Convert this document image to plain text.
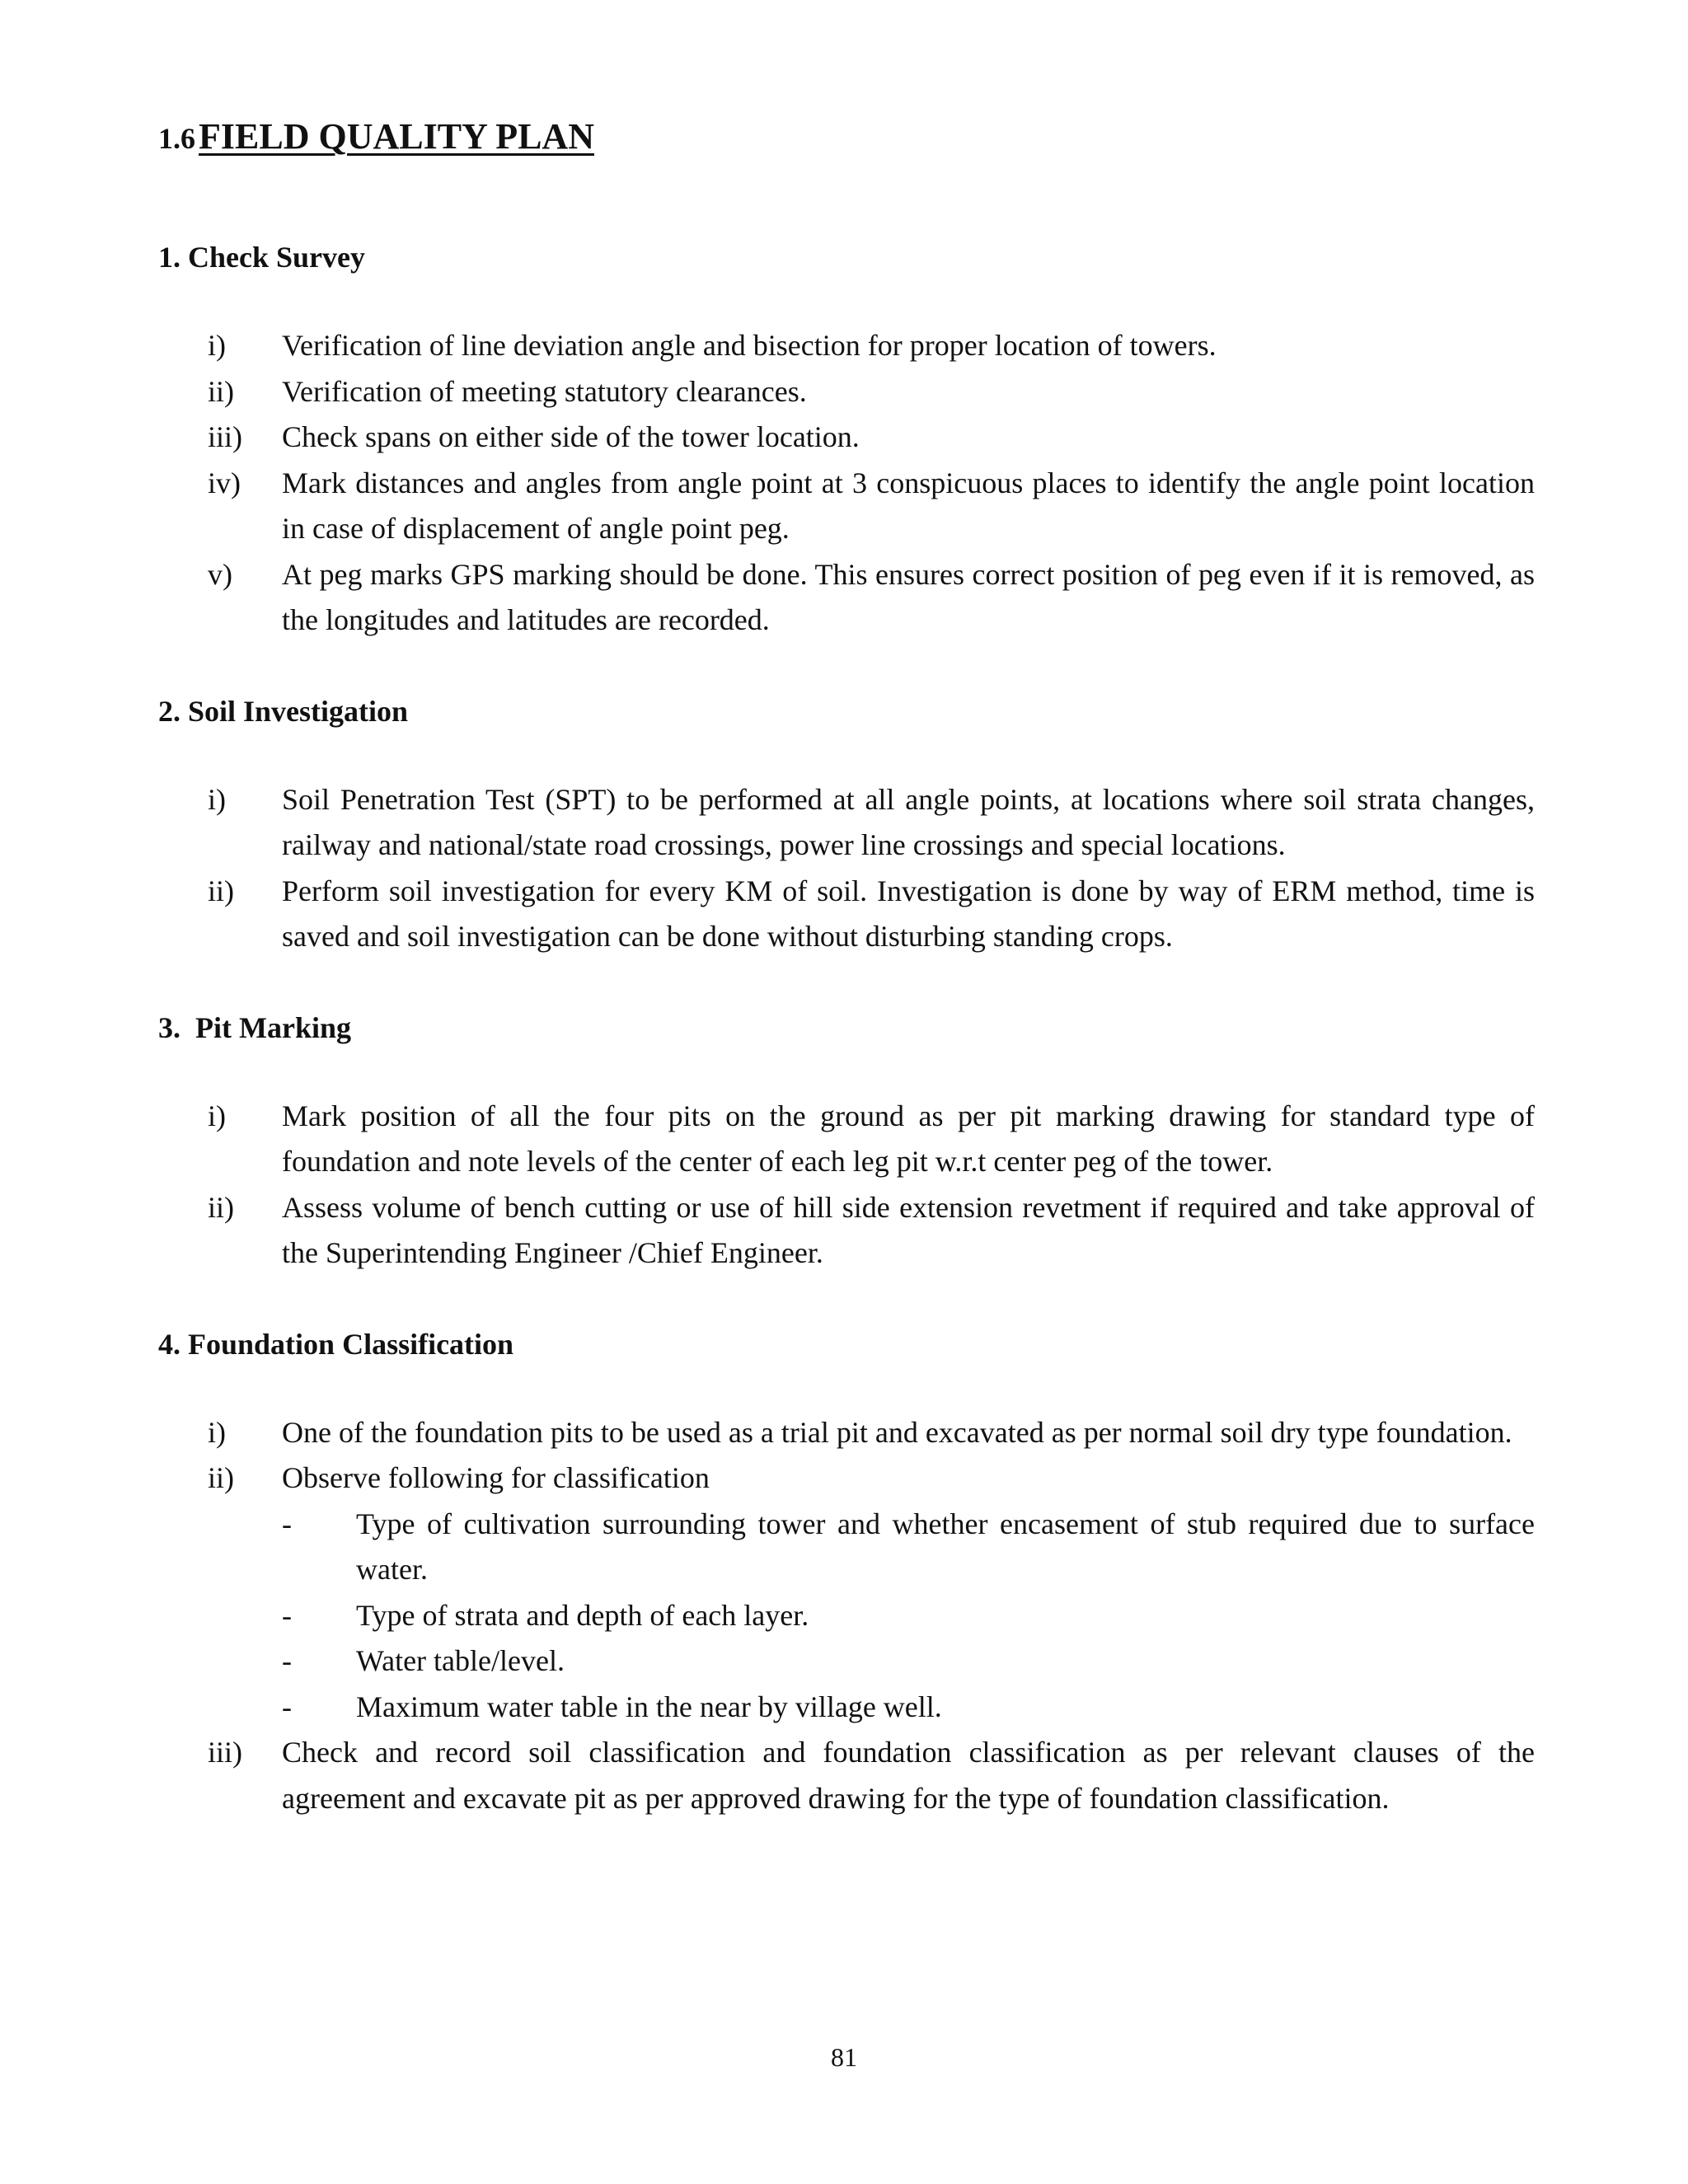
1.6 FIELD QUALITY PLAN
1. Check Survey
i)	Verification of line deviation angle and bisection for proper location of towers.
ii)	Verification of meeting statutory clearances.
iii)	Check spans on either side of the tower location.
iv)	Mark distances and angles from angle point at 3 conspicuous places to identify the angle point location in case of displacement of angle point peg.
v)	At peg marks GPS marking should be done. This ensures correct position of peg even if it is removed, as the longitudes and latitudes are recorded.
2. Soil Investigation
i)	Soil Penetration Test (SPT) to be performed at all angle points, at locations where soil strata changes, railway and national/state road crossings, power line crossings and special locations.
ii)	Perform soil investigation for every KM of soil. Investigation is done by way of ERM method, time is saved and soil investigation can be done without disturbing standing crops.
3.  Pit Marking
i)	Mark position of all the four pits on the ground as per pit marking drawing for standard type of foundation and note levels of the center of each leg pit w.r.t center peg of the tower.
ii)	Assess volume of bench cutting or use of hill side extension revetment if required and take approval of the Superintending Engineer /Chief Engineer.
4. Foundation Classification
i)	One of the foundation pits to be used as a trial pit and excavated as per normal soil dry type foundation.
ii)	Observe following for classification
-	Type of cultivation surrounding tower and whether encasement of stub required due to surface water.
-	Type of strata and depth of each layer.
-	Water table/level.
-	Maximum water table in the near by village well.
iii)	Check and record soil classification and foundation classification as per relevant clauses of the agreement and excavate pit as per approved drawing for the type of foundation classification.
81
